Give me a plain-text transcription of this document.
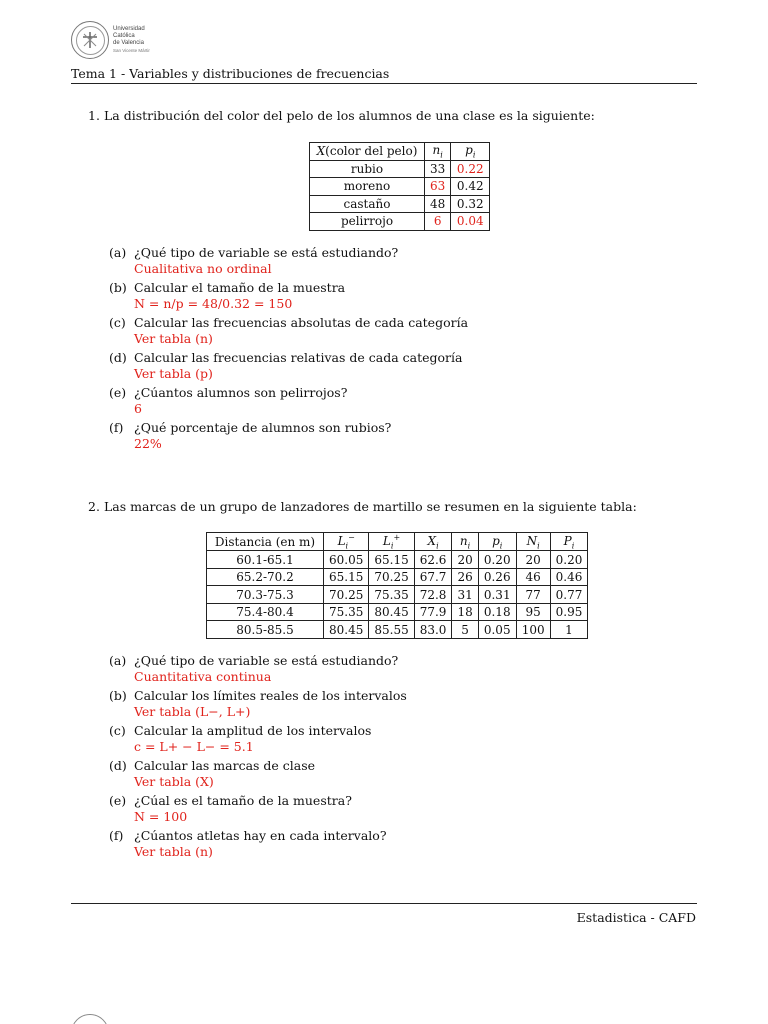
Universidad
Católica
de Valencia
San Vicente Mártir
Tema 1 - Variables y distribuciones de frecuencias
1. La distribución del color del pelo de los alumnos de una clase es la siguiente:
X(color del pelo)	$n_i$	$p_i$
rubio	33	0.22
moreno	63	0.42
castaño	48	0.32
pelirrojo	6	0.04
(a) ¿Qué tipo de variable se está estudiando?
Cualitativa no ordinal
(b) Calcular el tamaño de la muestra
N = n/p = 48/0.32 = 150
(c) Calcular las frecuencias absolutas de cada categoría
Ver tabla (n)
(d) Calcular las frecuencias relativas de cada categoría
Ver tabla (p)
(e) ¿Cúantos alumnos son pelirrojos?
6
(f) ¿Qué porcentaje de alumnos son rubios?
22%
2. Las marcas de un grupo de lanzadores de martillo se resumen en la siguiente tabla:
Distancia (en m)	$L_i^-$	$L_i^+$	$X_i$	$n_i$	$p_i$	$N_i$	$P_i$
60.1-65.1	60.05	65.15	62.6	20	0.20	20	0.20
65.2-70.2	65.15	70.25	67.7	26	0.26	46	0.46
70.3-75.3	70.25	75.35	72.8	31	0.31	77	0.77
75.4-80.4	75.35	80.45	77.9	18	0.18	95	0.95
80.5-85.5	80.45	85.55	83.0	5	0.05	100	1
(a) ¿Qué tipo de variable se está estudiando?
Cuantitativa continua
(b) Calcular los límites reales de los intervalos
Ver tabla (L−, L+)
(c) Calcular la amplitud de los intervalos
c = L+ − L− = 5.1
(d) Calcular las marcas de clase
Ver tabla (X)
(e) ¿Cúal es el tamaño de la muestra?
N = 100
(f) ¿Cúantos atletas hay en cada intervalo?
Ver tabla (n)
Estadistica - CAFD
